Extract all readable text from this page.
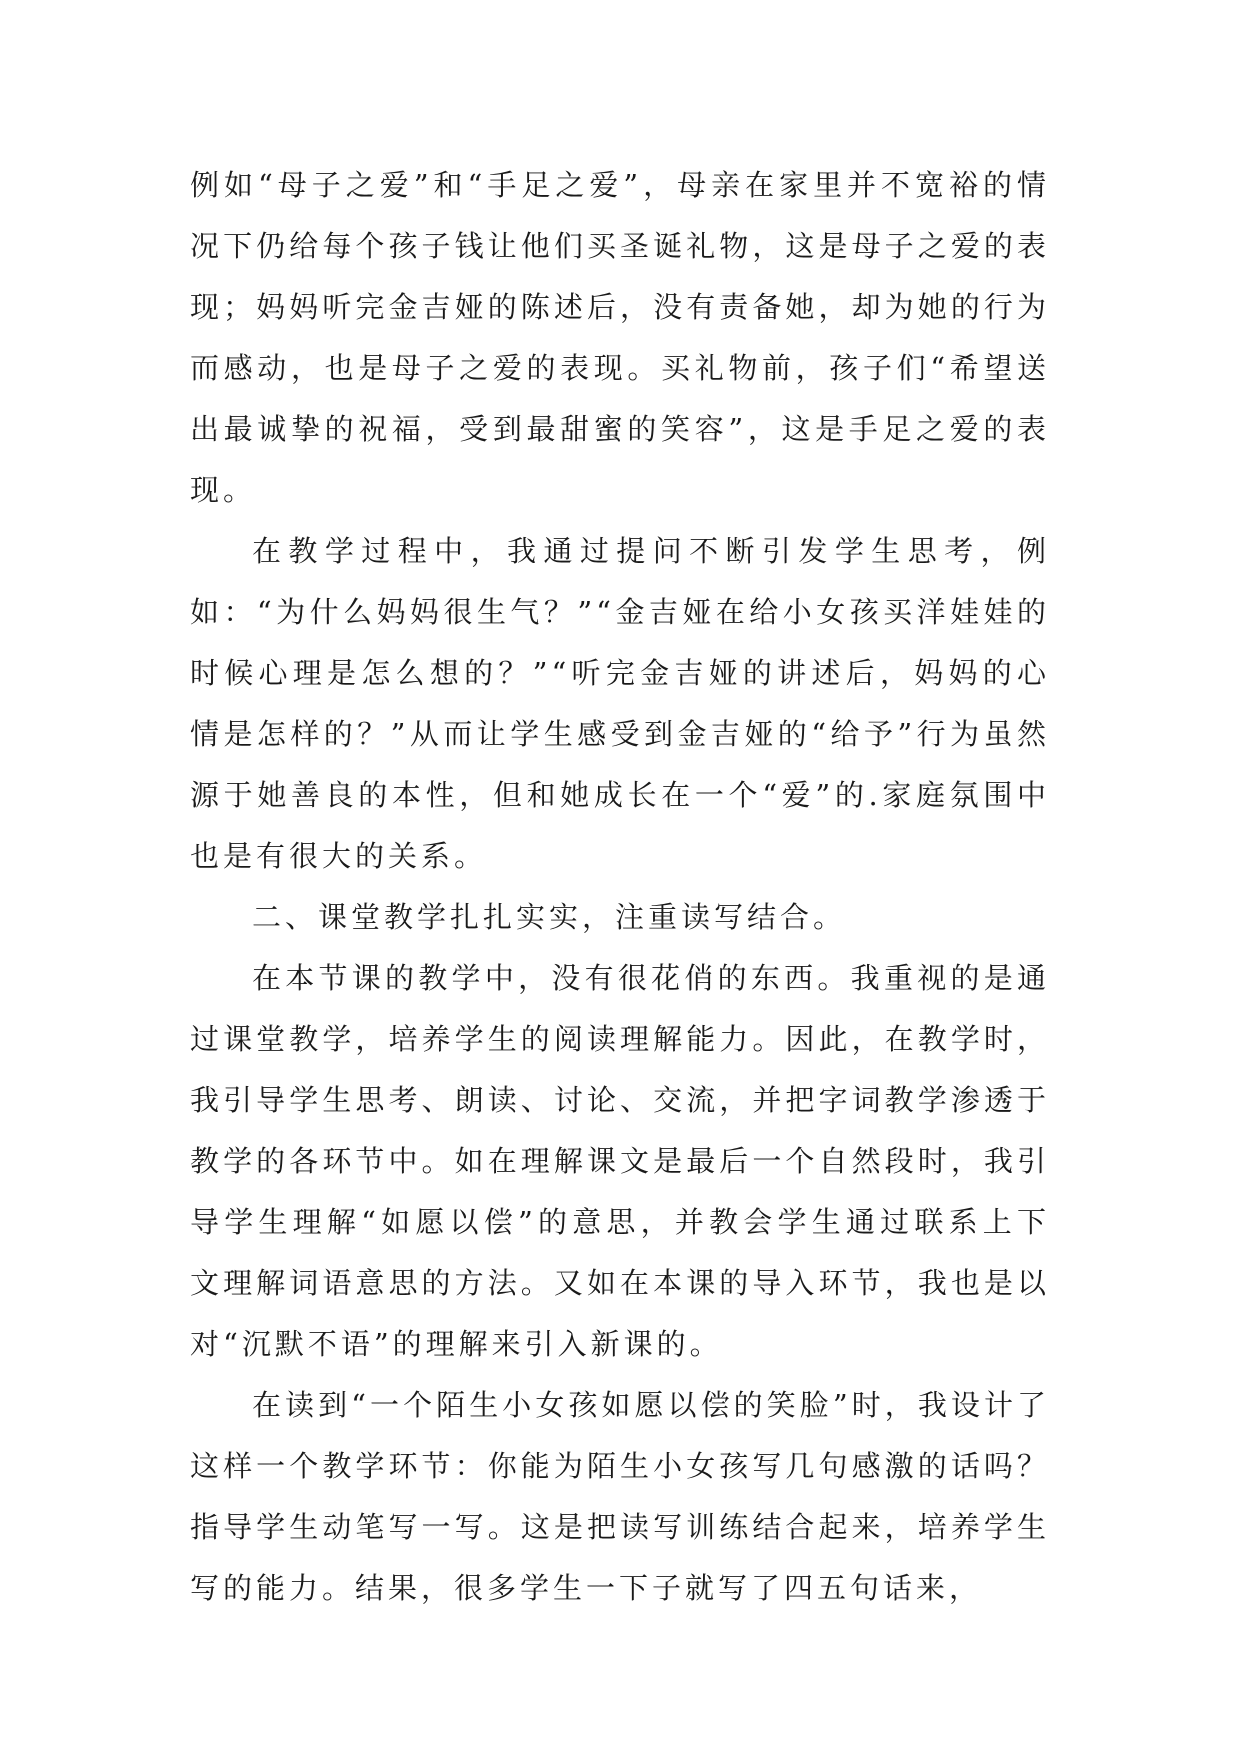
例如“母子之爱”和“手足之爱”，母亲在家里并不宽裕的情况下仍给每个孩子钱让他们买圣诞礼物，这是母子之爱的表现；妈妈听完金吉娅的陈述后，没有责备她，却为她的行为而感动，也是母子之爱的表现。买礼物前，孩子们“希望送出最诚挚的祝福，受到最甜蜜的笑容”，这是手足之爱的表现。

在教学过程中，我通过提问不断引发学生思考，例如：“为什么妈妈很生气？”“金吉娅在给小女孩买洋娃娃的时候心理是怎么想的？”“听完金吉娅的讲述后，妈妈的心情是怎样的？”从而让学生感受到金吉娅的“给予”行为虽然源于她善良的本性，但和她成长在一个“爱”的.家庭氛围中也是有很大的关系。

二、课堂教学扎扎实实，注重读写结合。

在本节课的教学中，没有很花俏的东西。我重视的是通过课堂教学，培养学生的阅读理解能力。因此，在教学时，我引导学生思考、朗读、讨论、交流，并把字词教学渗透于教学的各环节中。如在理解课文是最后一个自然段时，我引导学生理解“如愿以偿”的意思，并教会学生通过联系上下文理解词语意思的方法。又如在本课的导入环节，我也是以对“沉默不语”的理解来引入新课的。

在读到“一个陌生小女孩如愿以偿的笑脸”时，我设计了这样一个教学环节：你能为陌生小女孩写几句感激的话吗？指导学生动笔写一写。这是把读写训练结合起来，培养学生写的能力。结果，很多学生一下子就写了四五句话来，
